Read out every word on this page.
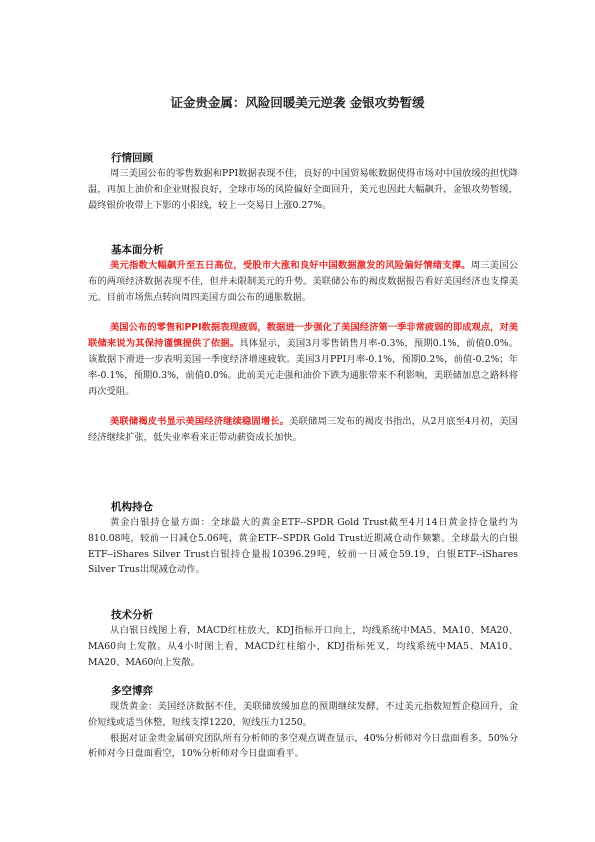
证金贵金属：风险回暖美元逆袭 金银攻势暂缓
行情回顾

周三美国公布的零售数据和PPI数据表现不佳，良好的中国贸易帐数据使得市场对中国放缓的担忧降温，再加上油价和企业财报良好，全球市场的风险偏好全面回升，美元也因此大幅飙升，金银攻势暂缓，最终银价收带上下影的小阳线，较上一交易日上涨0.27%。

基本面分析

美元指数大幅飙升至五日高位，受股市大涨和良好中国数据激发的风险偏好情绪支撑。周三美国公布的两项经济数据表现不佳，但并未限制美元的升势。美联储公布的褐皮数据报告看好美国经济也支撑美元。目前市场焦点转向周四美国方面公布的通胀数据。

美国公布的零售和PPI数据表现疲弱，数据进一步强化了美国经济第一季非常疲弱的即成观点，对美联储来说为其保持谨慎提供了依据。具体显示，美国3月零售销售月率-0.3%，预期0.1%，前值0.0%。该数据下滑进一步表明美国一季度经济增速疲软。美国3月PPI月率-0.1%，预期0.2%，前值-0.2%；年率-0.1%，预期0.3%，前值0.0%。此前美元走强和油价下跌为通胀带来不利影响，美联储加息之路料将再次受阻。

美联储褐皮书显示美国经济继续稳固增长。美联储周三发布的褐皮书指出，从2月底至4月初，美国经济继续扩张，低失业率看来正带动薪资成长加快。

机构持仓

黄金白银持仓量方面：全球最大的黄金ETF--SPDR Gold Trust截至4月14日黄金持仓量约为810.08吨，较前一日减仓5.06吨，黄金ETF--SPDR Gold Trust近期减仓动作频繁。全球最大的白银ETF--iShares Silver Trust白银持仓量报10396.29吨，较前一日减仓59.19，白银ETF--iShares Silver Trus出现减仓动作。

技术分析

从白银日线图上看，MACD红柱放大，KDJ指标开口向上，均线系统中MA5、MA10、MA20、MA60向上发散。从4小时图上看，MACD红柱缩小，KDJ指标死叉，均线系统中MA5、MA10、MA20、MA60向上发散。

多空博弈

现货黄金：美国经济数据不佳，美联储放缓加息的预期继续发酵，不过美元指数短暂企稳回升，金价短线或适当休整，短线支撑1220，短线压力1250。

根据对证金贵金属研究团队所有分析师的多空观点调查显示，40%分析师对今日盘面看多，50%分析师对今日盘面看空，10%分析师对今日盘面看平。
